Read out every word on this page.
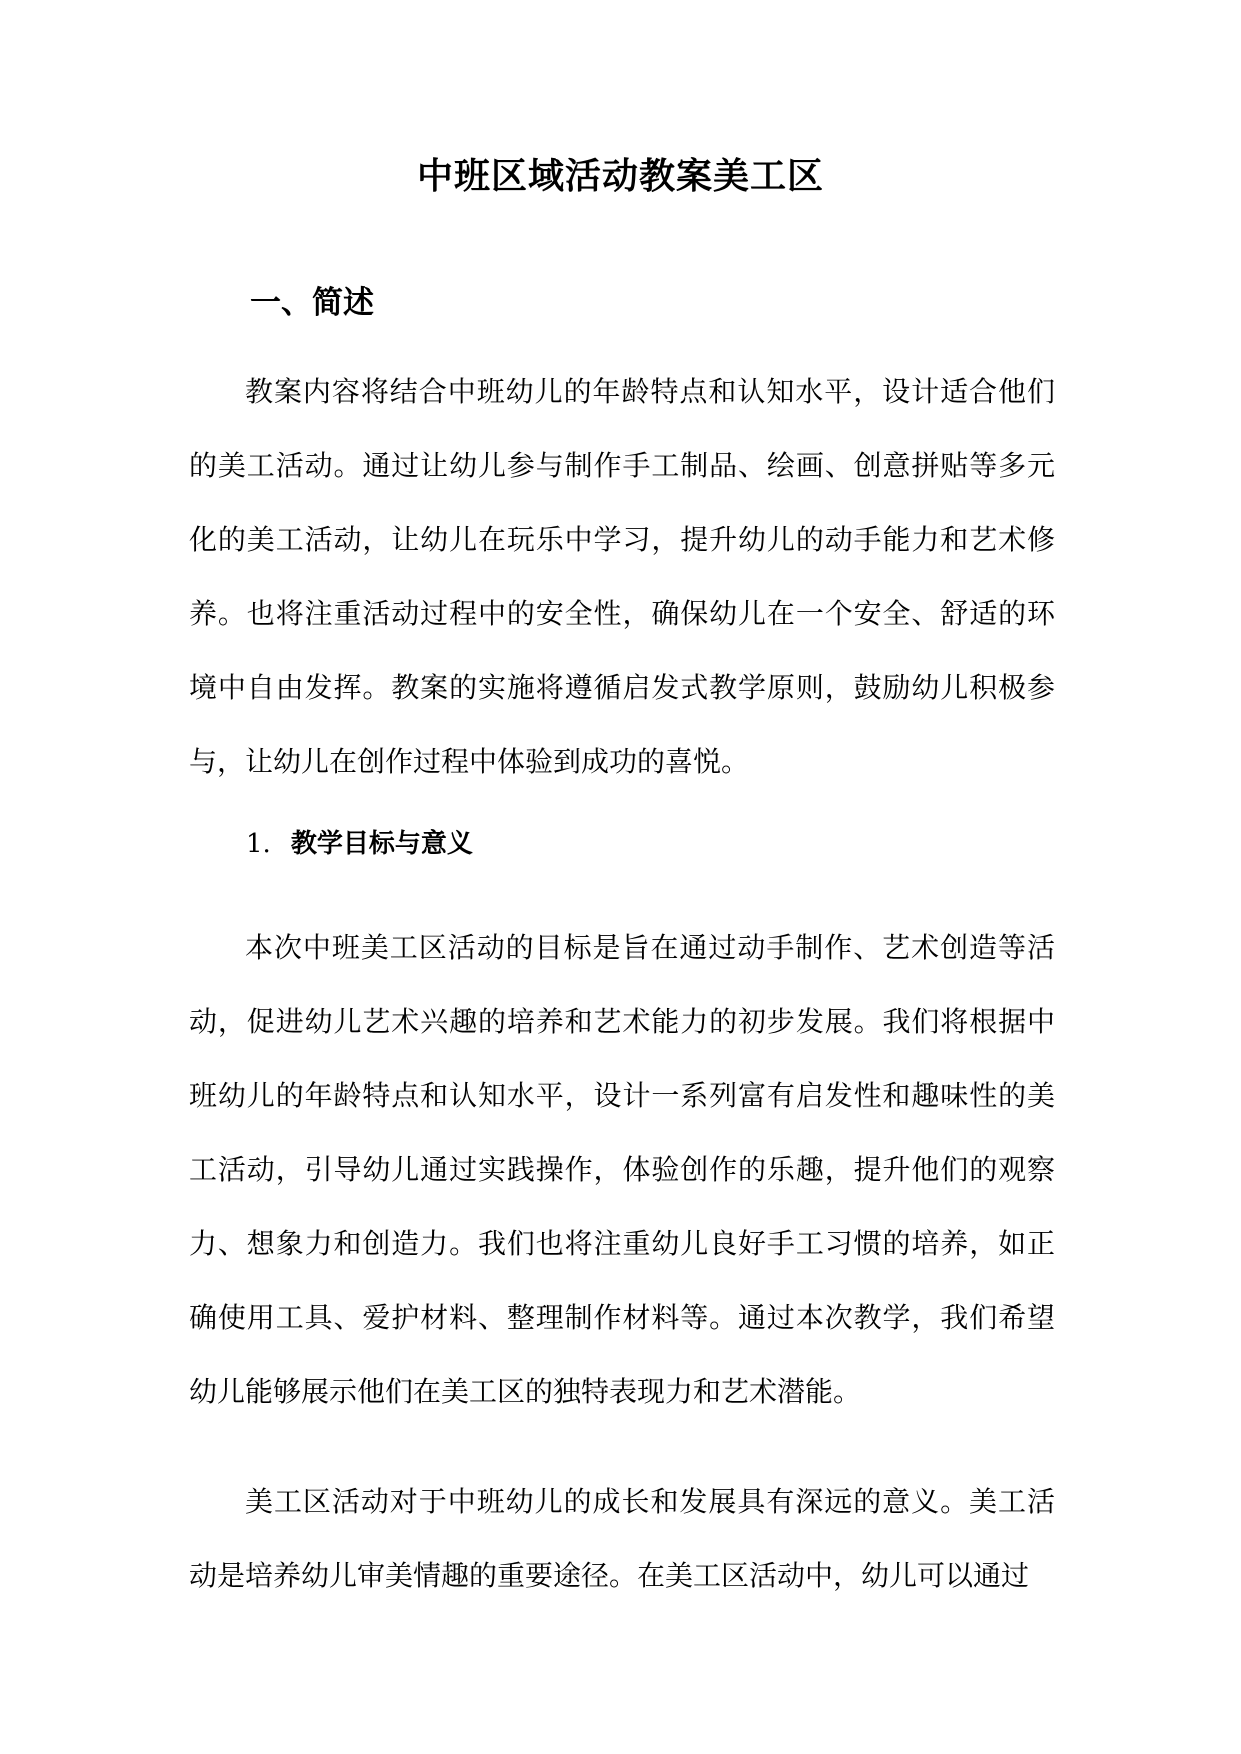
中班区域活动教案美工区
一、简述

教案内容将结合中班幼儿的年龄特点和认知水平，设计适合他们的美工活动。通过让幼儿参与制作手工制品、绘画、创意拼贴等多元化的美工活动，让幼儿在玩乐中学习，提升幼儿的动手能力和艺术修养。也将注重活动过程中的安全性，确保幼儿在一个安全、舒适的环境中自由发挥。教案的实施将遵循启发式教学原则，鼓励幼儿积极参与，让幼儿在创作过程中体验到成功的喜悦。

1. 教学目标与意义

本次中班美工区活动的目标是旨在通过动手制作、艺术创造等活动，促进幼儿艺术兴趣的培养和艺术能力的初步发展。我们将根据中班幼儿的年龄特点和认知水平，设计一系列富有启发性和趣味性的美工活动，引导幼儿通过实践操作，体验创作的乐趣，提升他们的观察力、想象力和创造力。我们也将注重幼儿良好手工习惯的培养，如正确使用工具、爱护材料、整理制作材料等。通过本次教学，我们希望幼儿能够展示他们在美工区的独特表现力和艺术潜能。

美工区活动对于中班幼儿的成长和发展具有深远的意义。美工活动是培养幼儿审美情趣的重要途径。在美工区活动中，幼儿可以通过
